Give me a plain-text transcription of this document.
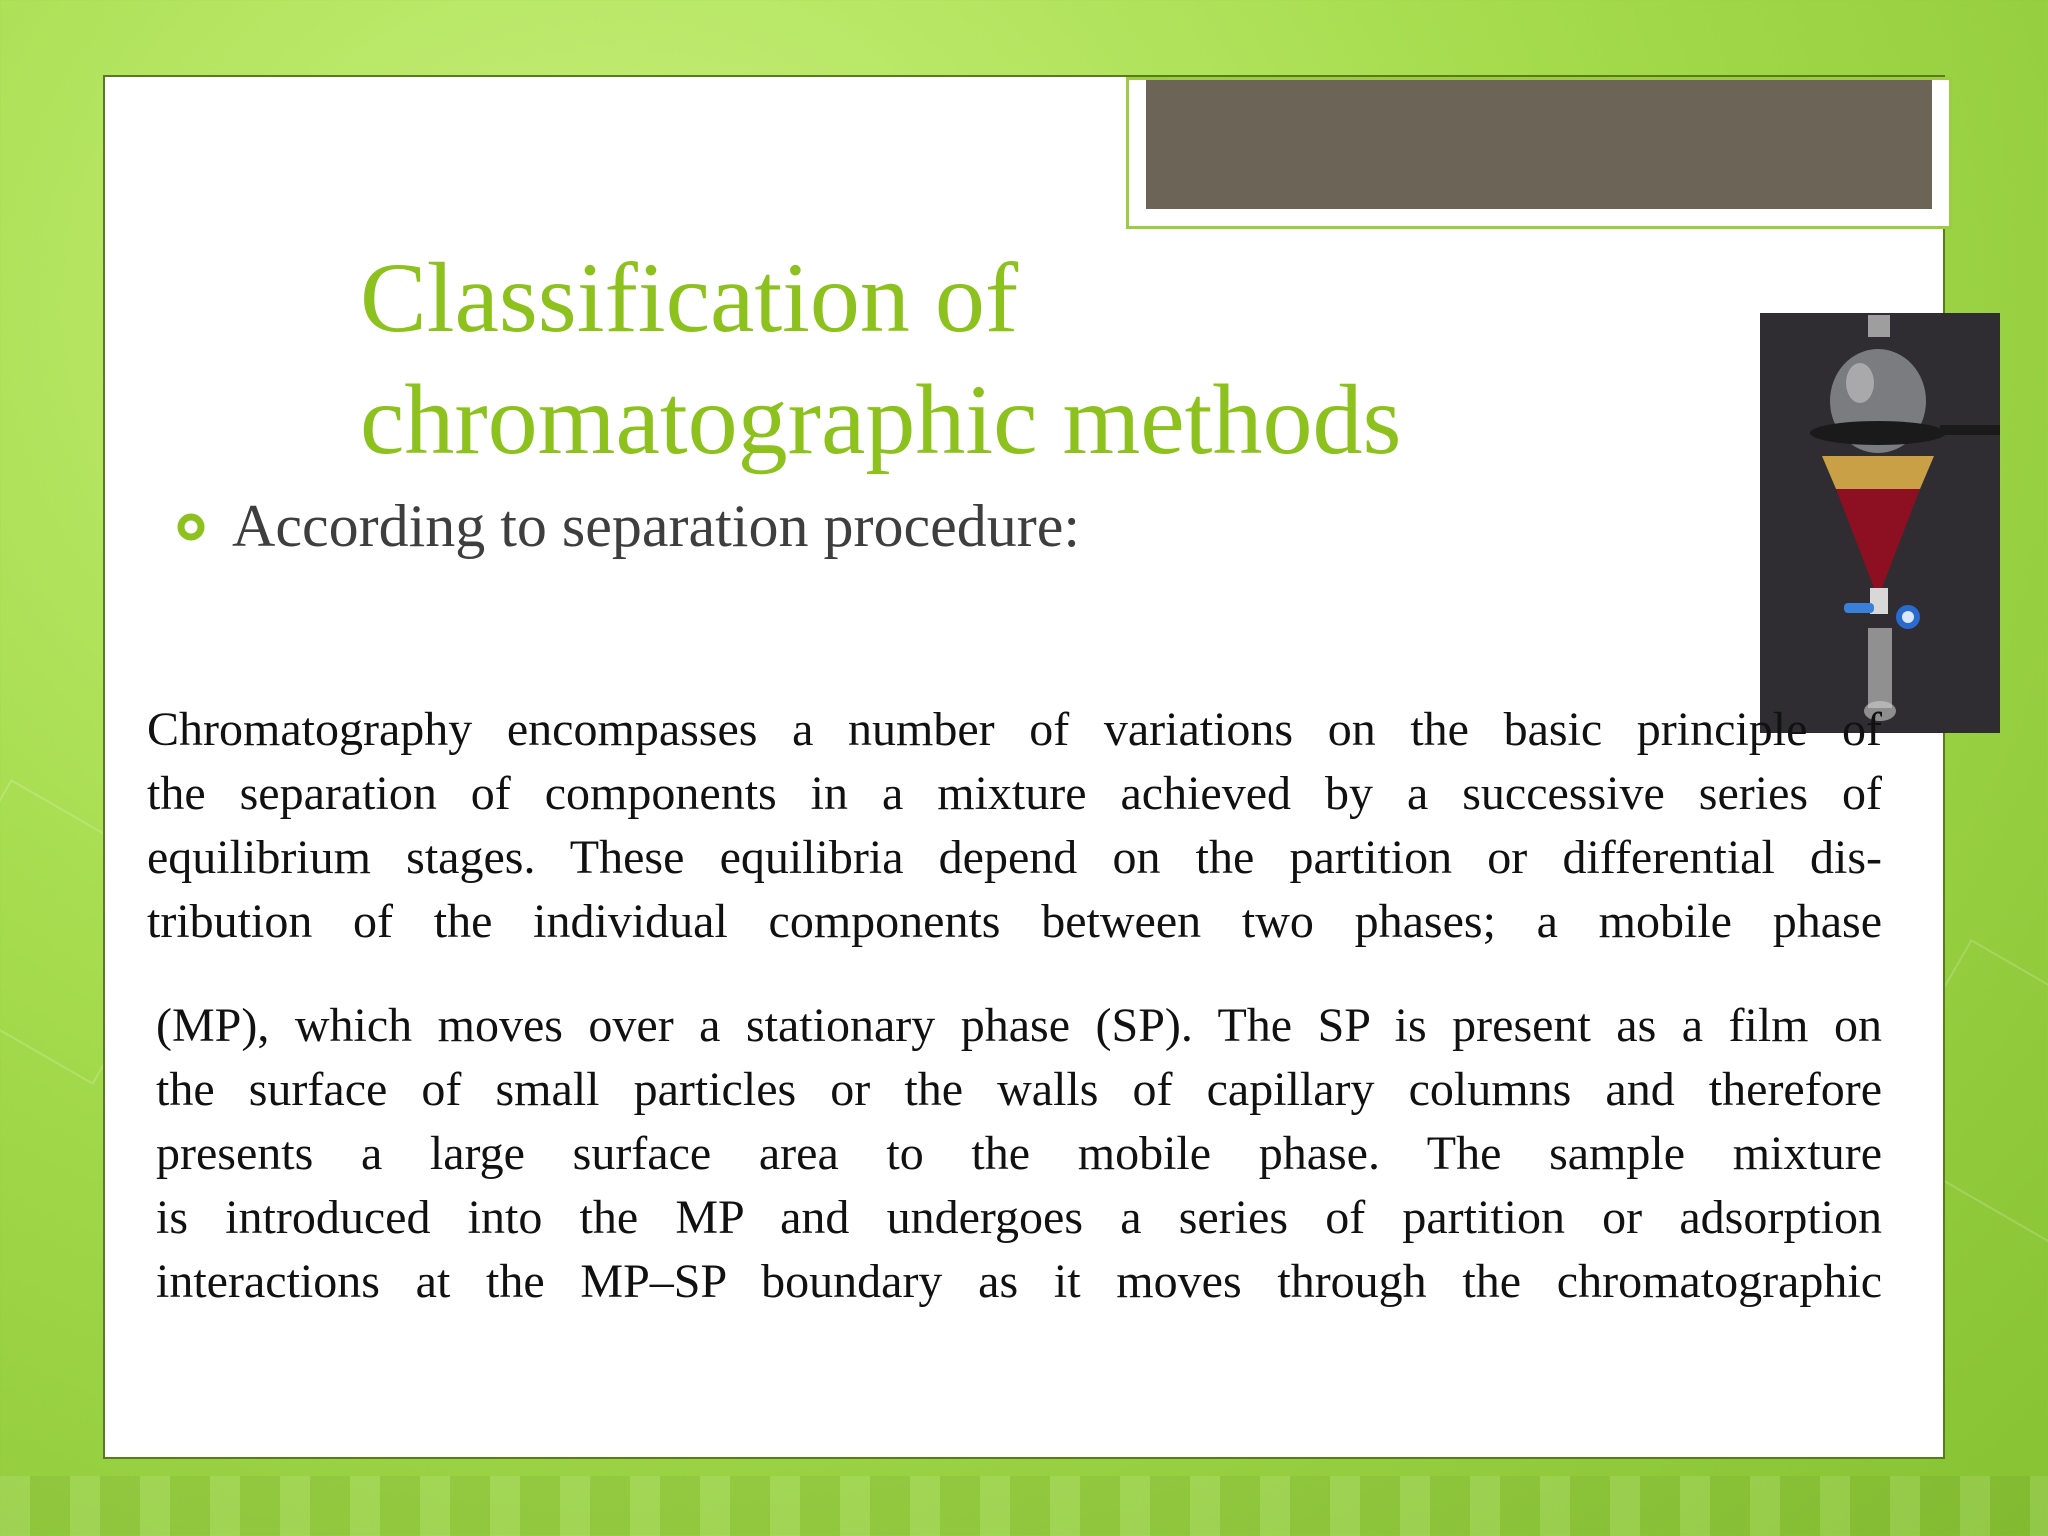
Classification of
chromatographic methods
According to separation procedure:
Chromatography encompasses a number of variations on the basic principle of
the separation of components in a mixture achieved by a successive series of
equilibrium stages. These equilibria depend on the partition or differential dis-
tribution of the individual components between two phases; a mobile phase
(MP), which moves over a stationary phase (SP). The SP is present as a film on
the surface of small particles or the walls of capillary columns and therefore
presents a large surface area to the mobile phase. The sample mixture
is introduced into the MP and undergoes a series of partition or adsorption
interactions at the MP–SP boundary as it moves through the chromatographic
